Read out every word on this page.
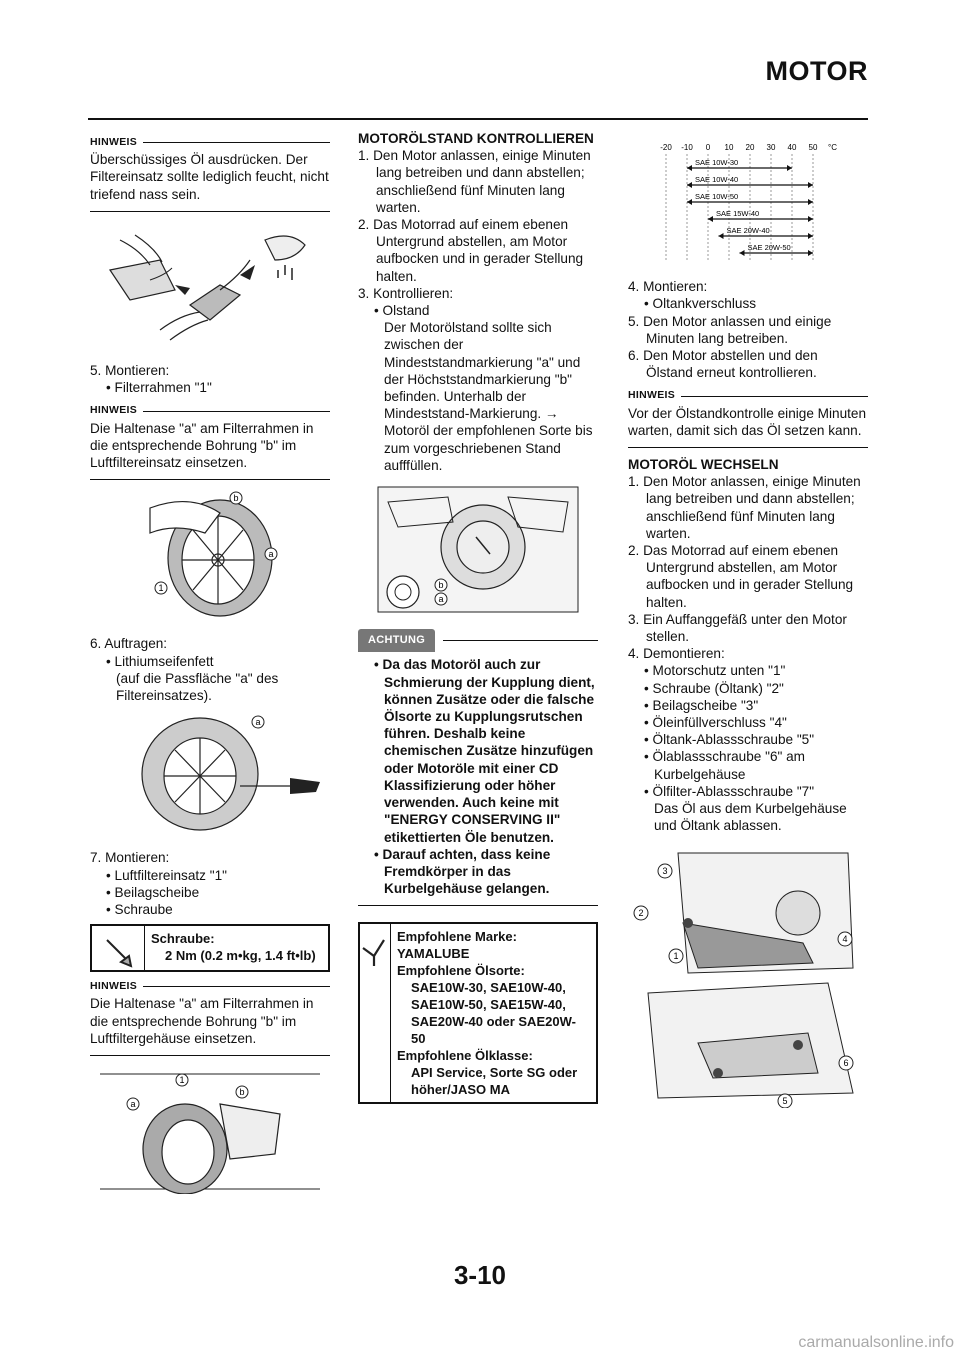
MOTOR
HINWEIS
Überschüssiges Öl ausdrücken. Der Filtereinsatz sollte lediglich feucht, nicht triefend nass sein.
5. Montieren:
• Filterrahmen "1"
HINWEIS
Die Haltenase "a" am Filterrahmen in die entsprechende Bohrung "b" im Luftfiltereinsatz einsetzen.
b
a
1
6. Auftragen:
• Lithiumseifenfett
(auf die Passfläche "a" des Filtereinsatzes).
a
7. Montieren:
• Luftfiltereinsatz "1"
• Beilagscheibe
• Schraube
Schraube:
2 Nm (0.2 m•kg, 1.4 ft•lb)
HINWEIS
Die Haltenase "a" am Filterrahmen in die entsprechende Bohrung "b" im Luftfiltergehäuse einsetzen.
1
b
a
MOTORÖLSTAND KONTROLLIEREN
1. Den Motor anlassen, einige Minuten lang betreiben und dann abstellen; anschließend fünf Minuten lang warten.
2. Das Motorrad auf einem ebenen Untergrund abstellen, am Motor aufbocken und in gerader Stellung halten.
3. Kontrollieren:
• Olstand
Der Motorölstand sollte sich zwischen der Mindeststandmarkierung "a" und der Höchststandmarkierung "b" befinden. Unterhalb der Mindeststand-Markierung. → Motoröl der empfohlenen Sorte bis zum vorgeschriebenen Stand aufffüllen.
b
a
ACHTUNG
• Da das Motoröl auch zur Schmierung der Kupplung dient, können Zusätze oder die falsche Ölsorte zu Kupplungsrutschen führen. Deshalb keine chemischen Zusätze hinzufügen oder Motoröle mit einer CD Klassifizierung oder höher verwenden. Auch keine mit "ENERGY CONSERVING II" etikettierten Öle benutzen.
• Darauf achten, dass keine Fremdkörper in das Kurbelgehäuse gelangen.
Empfohlene Marke:
YAMALUBE
Empfohlene Ölsorte:
SAE10W-30, SAE10W-40, SAE10W-50, SAE15W-40, SAE20W-40 oder SAE20W-50
Empfohlene Ölklasse:
API Service, Sorte SG oder höher/JASO MA
-20 -10 0 10 20 30 40 50 °C
SAE 10W-30
SAE 10W-40
SAE 10W-50
SAE 15W-40
SAE 20W-40
SAE 20W-50
4. Montieren:
• Oltankverschluss
5. Den Motor anlassen und einige Minuten lang betreiben.
6. Den Motor abstellen und den Ölstand erneut kontrollieren.
HINWEIS
Vor der Ölstandkontrolle einige Minuten warten, damit sich das Öl setzen kann.
MOTORÖL WECHSELN
1. Den Motor anlassen, einige Minuten lang betreiben und dann abstellen; anschließend fünf Minuten lang warten.
2. Das Motorrad auf einem ebenen Untergrund abstellen, am Motor aufbocken und in gerader Stellung halten.
3. Ein Auffanggefäß unter den Motor stellen.
4. Demontieren:
• Motorschutz unten "1"
• Schraube (Öltank) "2"
• Beilagscheibe "3"
• Öleinfüllverschluss "4"
• Öltank-Ablassschraube "5"
• Ölablassschraube "6" am Kurbelgehäuse
• Ölfilter-Ablassschraube "7"
Das Öl aus dem Kurbelgehäuse und Öltank ablassen.
3
2
1
4
6
5
3-10
carmanualsonline.info
